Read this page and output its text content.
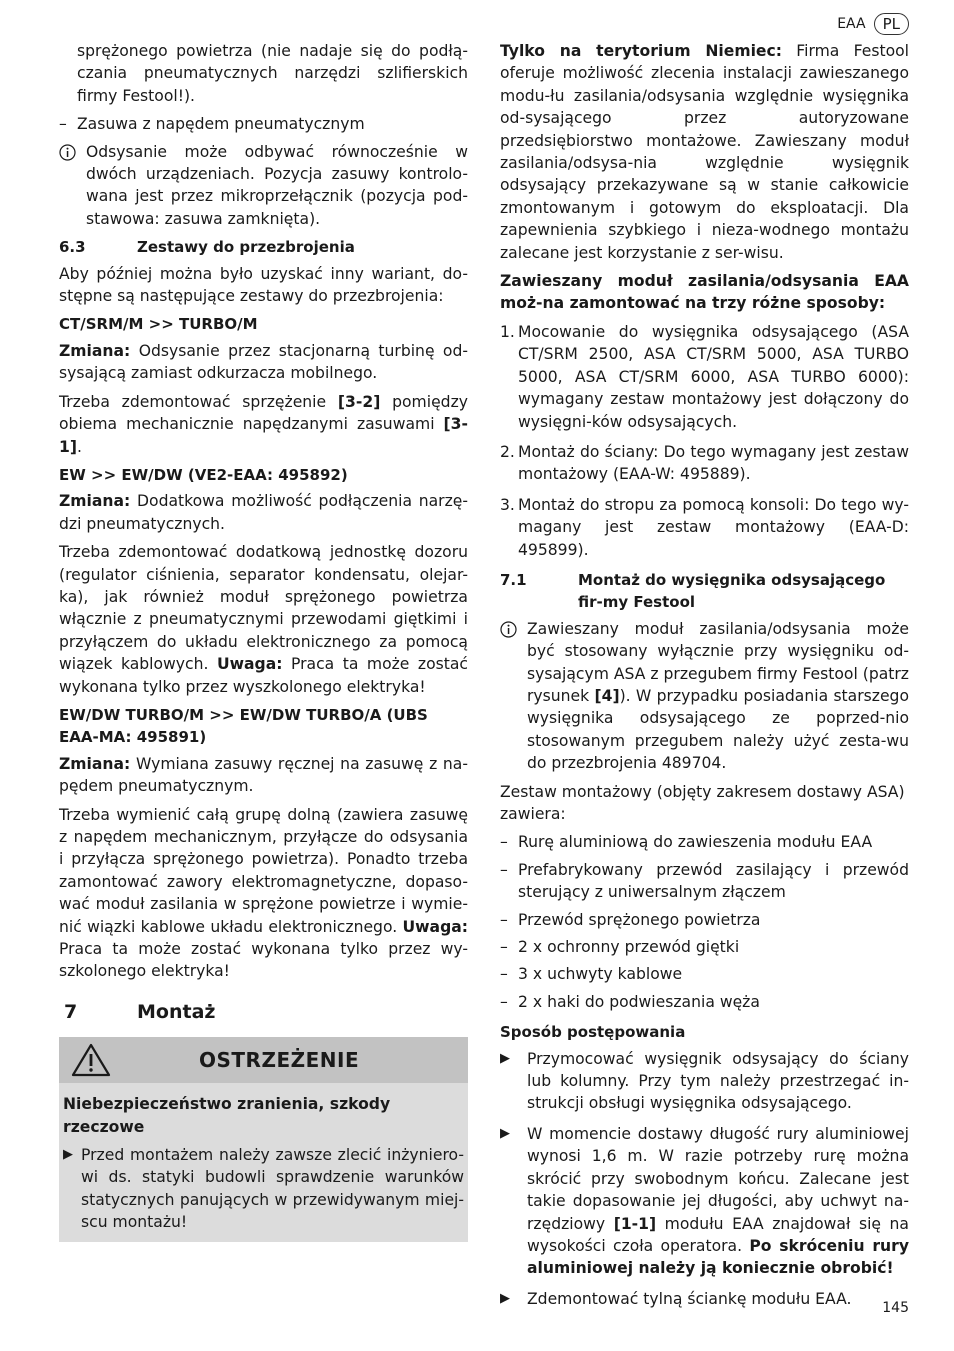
EAA	PL

sprężonego powietrza (nie nadaje się do podłą-czania pneumatycznych narzędzi szlifierskich firmy Festool!).

– Zasuwa z napędem pneumatycznym
Odsysanie może odbywać równocześnie w dwóch urządzeniach. Pozycja zasuwy kontrolo-wana jest przez mikroprzełącznik (pozycja pod-stawowa: zasuwa zamknięta).
6.3	Zestawy do przezbrojenia

Aby później można było uzyskać inny wariant, do-stępne są następujące zestawy do przezbrojenia:

CT/SRM/M >> TURBO/M

Zmiana: Odsysanie przez stacjonarną turbinę od-sysającą zamiast odkurzacza mobilnego.

Trzeba zdemontować sprzężenie [3-2] pomiędzy obiema mechanicznie napędzanymi zasuwami [3-1].

EW >> EW/DW (VE2-EAA: 495892)

Zmiana: Dodatkowa możliwość podłączenia narzę-dzi pneumatycznych.

Trzeba zdemontować dodatkową jednostkę dozoru (regulator ciśnienia, separator kondensatu, olejar-ka), jak również moduł sprężonego powietrza włącznie z pneumatycznymi przewodami giętkimi i przyłączem do układu elektronicznego za pomocą wiązek kablowych. Uwaga: Praca ta może zostać wykonana tylko przez wyszkolonego elektryka!

EW/DW TURBO/M >> EW/DW TURBO/A (UBS EAA-MA: 495891)

Zmiana: Wymiana zasuwy ręcznej na zasuwę z na-pędem pneumatycznym.

Trzeba wymienić całą grupę dolną (zawiera zasuwę z napędem mechanicznym, przyłącze do odsysania i przyłącza sprężonego powietrza). Ponadto trzeba zamontować zawory elektromagnetyczne, dopaso-wać moduł zasilania w sprężone powietrze i wymie-nić wiązki kablowe układu elektronicznego. Uwaga: Praca ta może zostać wykonana tylko przez wy-szkolonego elektryka!

7	Montaż
OSTRZEŻENIE
Niebezpieczeństwo zranienia, szkody rzeczowe
▶ Przed montażem należy zawsze zlecić inżyniero-wi ds. statyki budowli sprawdzenie warunków statycznych panujących w przewidywanym miej-scu montażu!

Tylko na terytorium Niemiec: Firma Festool oferuje możliwość zlecenia instalacji zawieszanego modu-łu zasilania/odsysania względnie wysięgnika od-sysającego przez autoryzowane przedsiębiorstwo montażowe. Zawieszany moduł zasilania/odsysa-nia względnie wysięgnik odsysający przekazywane są w stanie całkowicie zmontowanym i gotowym do eksploatacji. Dla zapewnienia szybkiego i nieza-wodnego montażu zalecane jest korzystanie z ser-wisu.

Zawieszany moduł zasilania/odsysania EAA moż-na zamontować na trzy różne sposoby:

1. Mocowanie do wysięgnika odsysającego (ASA CT/SRM 2500, ASA CT/SRM 5000, ASA TURBO 5000, ASA CT/SRM 6000, ASA TURBO 6000): wymagany zestaw montażowy jest dołączony do wysięgni-ków odsysających.
2. Montaż do ściany: Do tego wymagany jest zestaw montażowy (EAA-W: 495889).
3. Montaż do stropu za pomocą konsoli: Do tego wy-magany jest zestaw montażowy (EAA-D: 495899).
7.1	Montaż do wysięgnika odsysającego fir-my Festool
Zawieszany moduł zasilania/odsysania może być stosowany wyłącznie przy wysięgniku od-sysającym ASA z przegubem firmy Festool (patrz rysunek [4]). W przypadku posiadania starszego wysięgnika odsysającego ze poprzed-nio stosowanym przegubem należy użyć zesta-wu do przezbrojenia 489704.

Zestaw montażowy (objęty zakresem dostawy ASA) zawiera:

– Rurę aluminiową do zawieszenia modułu EAA
– Prefabrykowany przewód zasilający i przewód sterujący z uniwersalnym złączem
– Przewód sprężonego powietrza
– 2 x ochronny przewód giętki
– 3 x uchwyty kablowe
– 2 x haki do podwieszania węża
Sposób postępowania
▶	Przymocować wysięgnik odsysający do ściany lub kolumny. Przy tym należy przestrzegać in-strukcji obsługi wysięgnika odsysającego.
▶	W momencie dostawy długość rury aluminiowej wynosi 1,6 m. W razie potrzeby rurę można skrócić przy swobodnym końcu. Zalecane jest takie dopasowanie jej długości, aby uchwyt na-rzędziowy [1-1] modułu EAA znajdował się na wysokości czoła operatora. Po skróceniu rury aluminiowej należy ją koniecznie obrobić!
▶	Zdemontować tylną ściankę modułu EAA.
145
